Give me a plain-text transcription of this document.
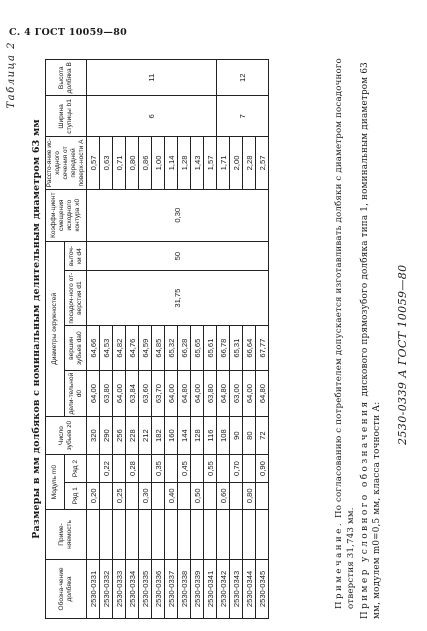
С. 4 ГОСТ 10059—80
Таблица 2
Размеры в мм долбяков с номинальным делительным диаметром 63 мм
Обозна-чение долбяка	Приме-няемость	Модуль m0		Число зубьев z0	Диаметры окружностей				Коэффи-циент смещения исходного контура x0	Рассто-яние ис-ходного сечения от передней поверх-ности A	Ширина ступицы b1	Высота долбяка B
		Ряд 1	Ряд 2		дели-тельной d0	вершин зубьев da0	посадоч-ного от-верстия d1	выточ-ки d4				
2530-0331		0,20		320	64,00	64,66	31,75	50	0,30	0,57	6	11
2530-0332			0,22	290	63,80	64,53				0,63		
2530-0333		0,25		256	64,00	64,82				0,71		
2530-0334			0,28	228	63,84	64,76				0,80		
2530-0335		0,30		212	63,60	64,59				0,86		
2530-0336			0,35	182	63,70	64,85				1,00		
2530-0337		0,40		160	64,00	65,32				1,14		
2530-0338			0,45	144	64,80	66,28				1,28		
2530-0339		0,50		128	64,00	65,65				1,43		
2530-0341			0,55	116	63,80	65,61				1,57		
2530-0342		0,60		108	64,80	66,78				1,71	7	12
2530-0343			0,70	90	63,00	65,31				2,00		
2530-0344		0,80		80	64,00	66,64				2,28		
2530-0345			0,90	72	64,80	67,77				2,57		
Примечание. По согласованию с потребителем допускается изготавливать долбяки с диаметром посадочного отверстия 31,743 мм. Пример условного обозначения дискового прямозубого долбяка типа 1, номинальным диаметром 63 мм, модулем m0=0,5 мм, класса точности А:
2530-0339 А ГОСТ 10059—80
